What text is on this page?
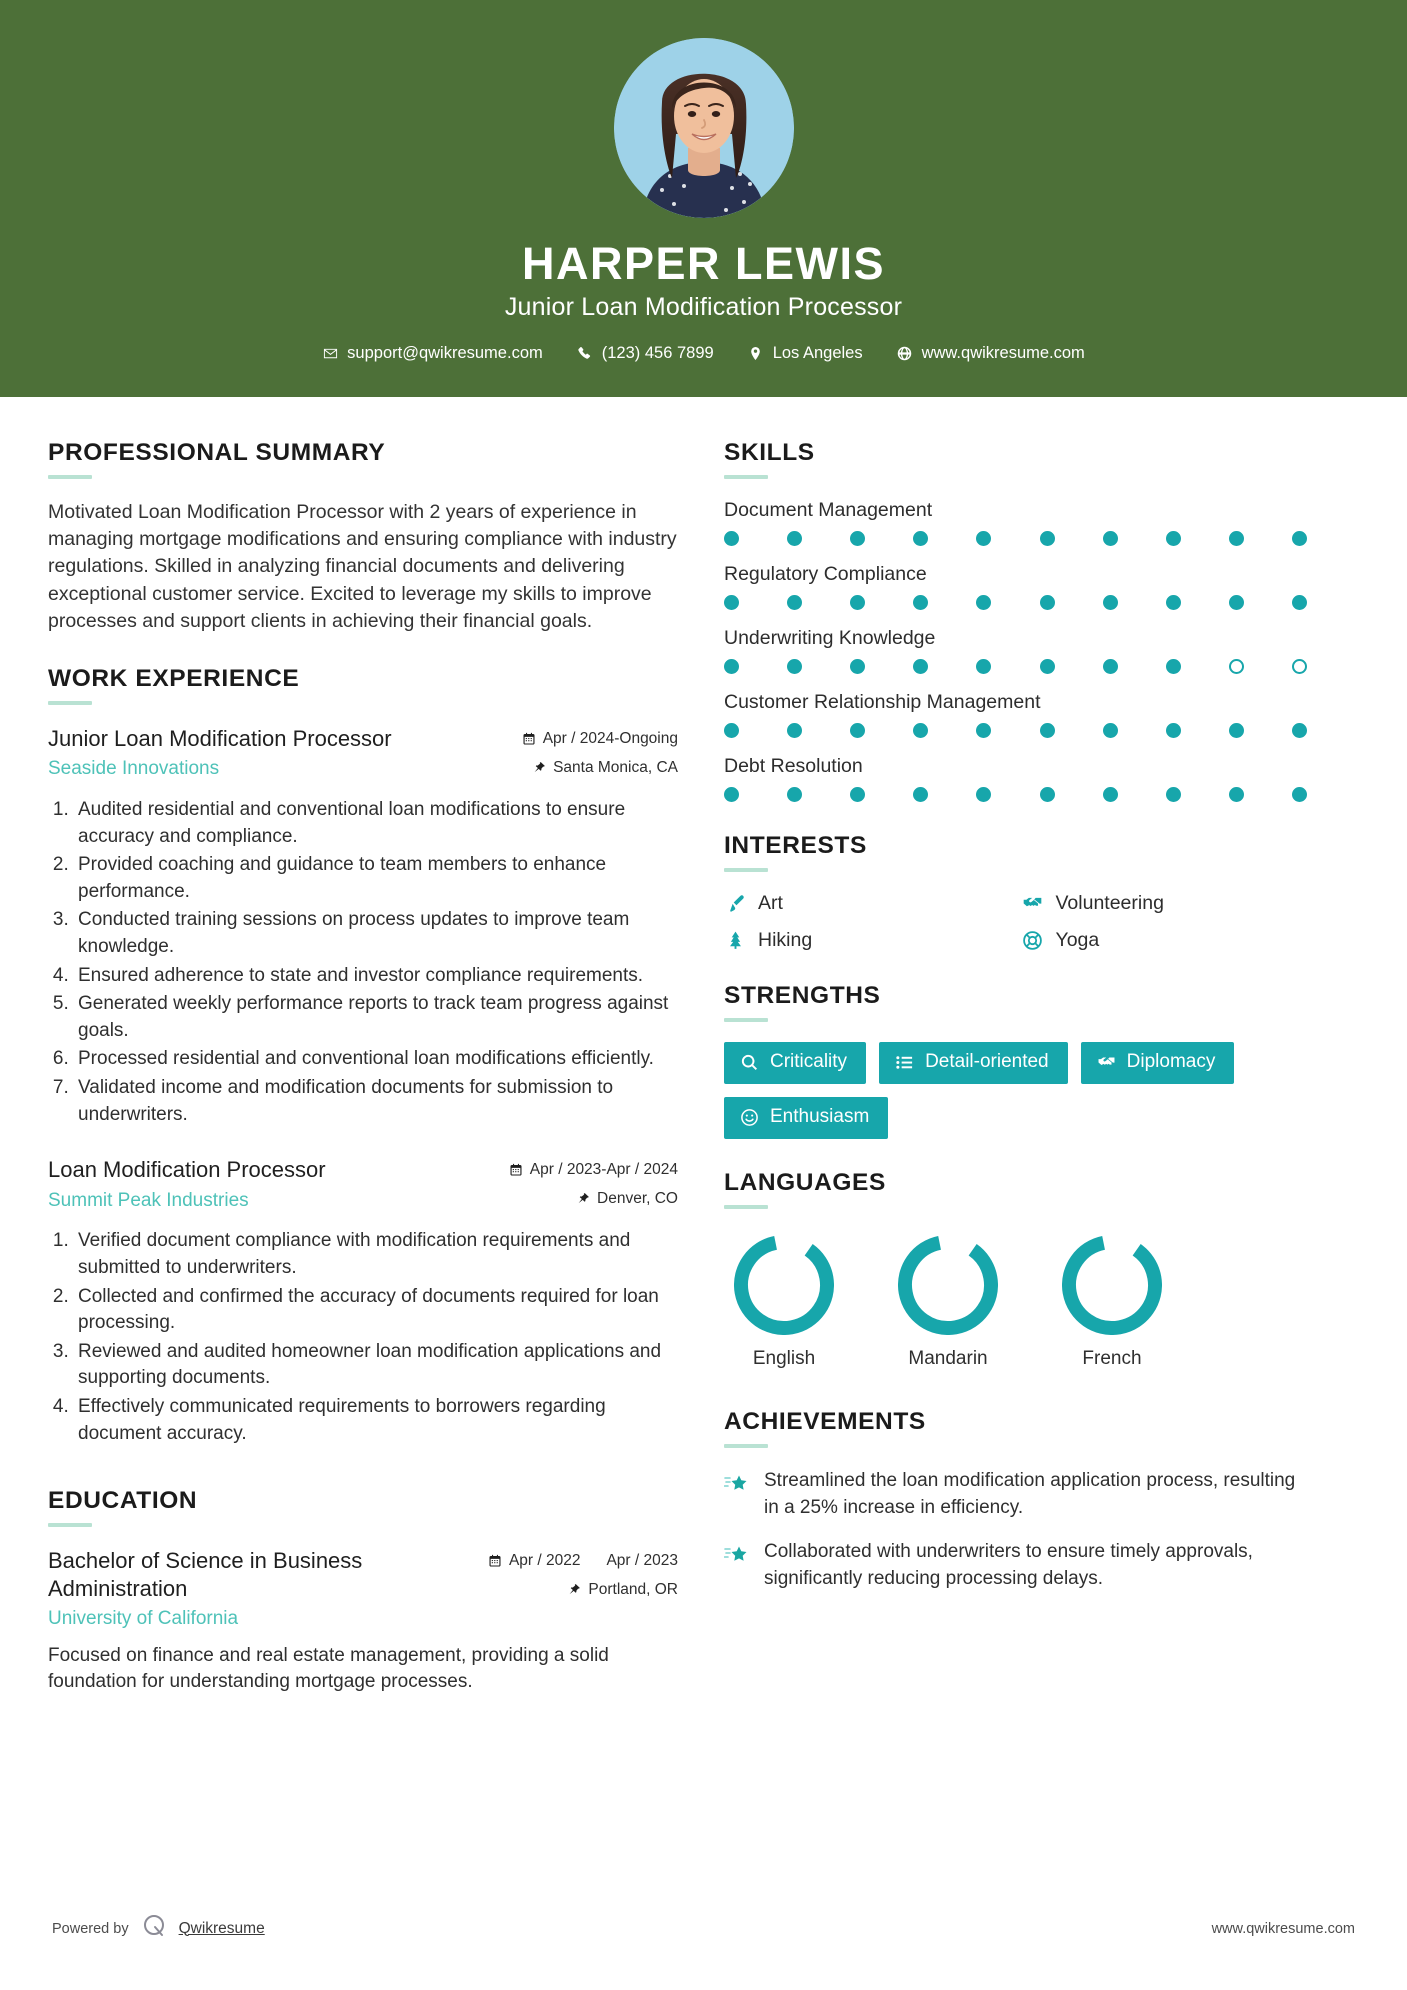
HARPER LEWIS
Junior Loan Modification Processor
support@qwikresume.com	(123) 456 7899	Los Angeles	www.qwikresume.com
PROFESSIONAL SUMMARY
Motivated Loan Modification Processor with 2 years of experience in managing mortgage modifications and ensuring compliance with industry regulations. Skilled in analyzing financial documents and delivering exceptional customer service. Excited to leverage my skills to improve processes and support clients in achieving their financial goals.
WORK EXPERIENCE
Junior Loan Modification Processor
Seaside Innovations
Apr / 2024-Ongoing
Santa Monica, CA
1. Audited residential and conventional loan modifications to ensure accuracy and compliance.
2. Provided coaching and guidance to team members to enhance performance.
3. Conducted training sessions on process updates to improve team knowledge.
4. Ensured adherence to state and investor compliance requirements.
5. Generated weekly performance reports to track team progress against goals.
6. Processed residential and conventional loan modifications efficiently.
7. Validated income and modification documents for submission to underwriters.
Loan Modification Processor
Summit Peak Industries
Apr / 2023-Apr / 2024
Denver, CO
1. Verified document compliance with modification requirements and submitted to underwriters.
2. Collected and confirmed the accuracy of documents required for loan processing.
3. Reviewed and audited homeowner loan modification applications and supporting documents.
4. Effectively communicated requirements to borrowers regarding document accuracy.
EDUCATION
Bachelor of Science in Business Administration
University of California
Apr / 2022 Apr / 2023
Portland, OR
Focused on finance and real estate management, providing a solid foundation for understanding mortgage processes.
SKILLS
Document Management
Regulatory Compliance
Underwriting Knowledge
Customer Relationship Management
Debt Resolution
INTERESTS
Art	Volunteering
Hiking	Yoga
STRENGTHS
Criticality	Detail-oriented	Diplomacy
Enthusiasm
LANGUAGES
English	Mandarin	French
ACHIEVEMENTS
Streamlined the loan modification application process, resulting in a 25% increase in efficiency.
Collaborated with underwriters to ensure timely approvals, significantly reducing processing delays.
Powered by	Qwikresume	www.qwikresume.com
